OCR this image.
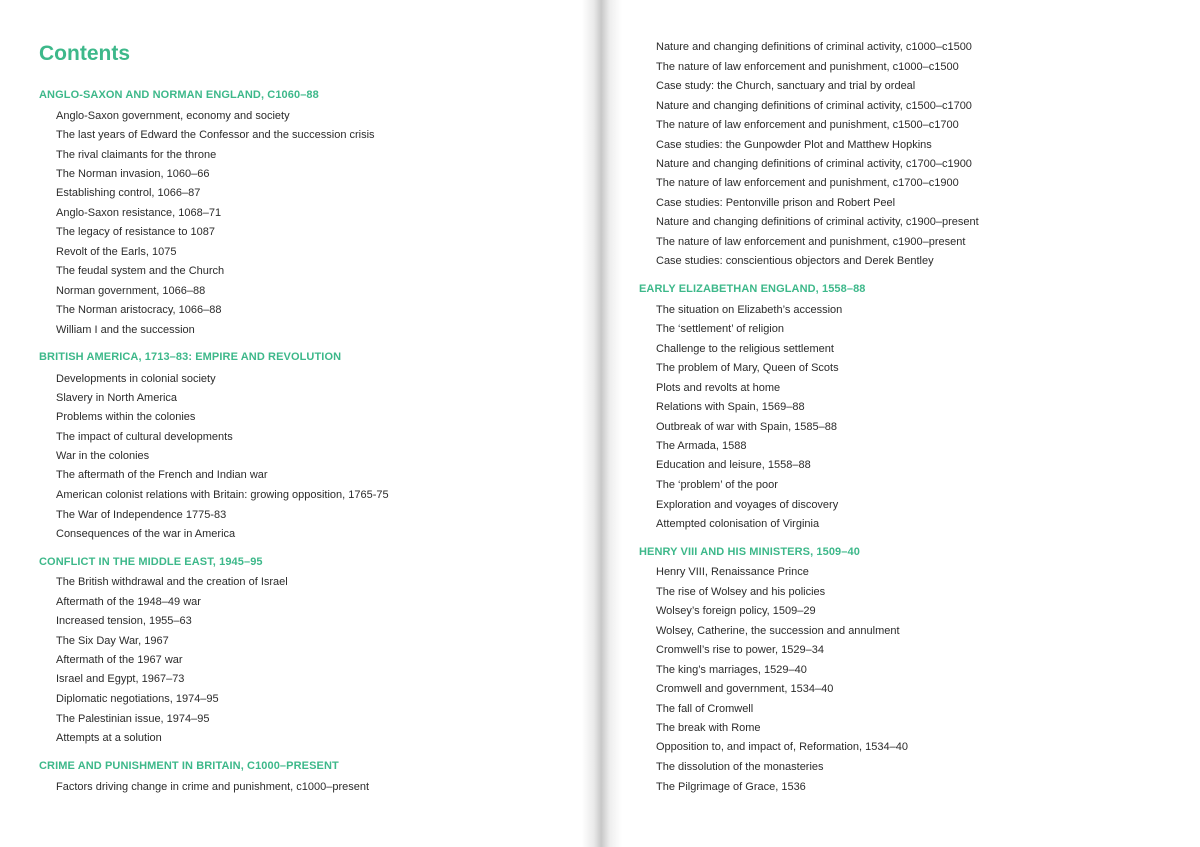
Contents
ANGLO-SAXON AND NORMAN ENGLAND, C1060–88
Anglo-Saxon government, economy and society
The last years of Edward the Confessor and the succession crisis
The rival claimants for the throne
The Norman invasion, 1060–66
Establishing control, 1066–87
Anglo-Saxon resistance, 1068–71
The legacy of resistance to 1087
Revolt of the Earls, 1075
The feudal system and the Church
Norman government, 1066–88
The Norman aristocracy, 1066–88
William I and the succession
BRITISH AMERICA, 1713–83: EMPIRE AND REVOLUTION
Developments in colonial society
Slavery in North America
Problems within the colonies
The impact of cultural developments
War in the colonies
The aftermath of the French and Indian war
American colonist relations with Britain: growing opposition, 1765-75
The War of Independence 1775-83
Consequences of the war in America
CONFLICT IN THE MIDDLE EAST, 1945–95
The British withdrawal and the creation of Israel
Aftermath of the 1948–49 war
Increased tension, 1955–63
The Six Day War, 1967
Aftermath of the 1967 war
Israel and Egypt, 1967–73
Diplomatic negotiations, 1974–95
The Palestinian issue, 1974–95
Attempts at a solution
CRIME AND PUNISHMENT IN BRITAIN, C1000–PRESENT
Factors driving change in crime and punishment, c1000–present
Nature and changing definitions of criminal activity, c1000–c1500
The nature of law enforcement and punishment, c1000–c1500
Case study: the Church, sanctuary and trial by ordeal
Nature and changing definitions of criminal activity, c1500–c1700
The nature of law enforcement and punishment, c1500–c1700
Case studies: the Gunpowder Plot and Matthew Hopkins
Nature and changing definitions of criminal activity, c1700–c1900
The nature of law enforcement and punishment, c1700–c1900
Case studies: Pentonville prison and Robert Peel
Nature and changing definitions of criminal activity, c1900–present
The nature of law enforcement and punishment, c1900–present
Case studies: conscientious objectors and Derek Bentley
EARLY ELIZABETHAN ENGLAND, 1558–88
The situation on Elizabeth’s accession
The ‘settlement’ of religion
Challenge to the religious settlement
The problem of Mary, Queen of Scots
Plots and revolts at home
Relations with Spain, 1569–88
Outbreak of war with Spain, 1585–88
The Armada, 1588
Education and leisure, 1558–88
The ‘problem’ of the poor
Exploration and voyages of discovery
Attempted colonisation of Virginia
HENRY VIII AND HIS MINISTERS, 1509–40
Henry VIII, Renaissance Prince
The rise of Wolsey and his policies
Wolsey’s foreign policy, 1509–29
Wolsey, Catherine, the succession and annulment
Cromwell’s rise to power, 1529–34
The king’s marriages, 1529–40
Cromwell and government, 1534–40
The fall of Cromwell
The break with Rome
Opposition to, and impact of, Reformation, 1534–40
The dissolution of the monasteries
The Pilgrimage of Grace, 1536
